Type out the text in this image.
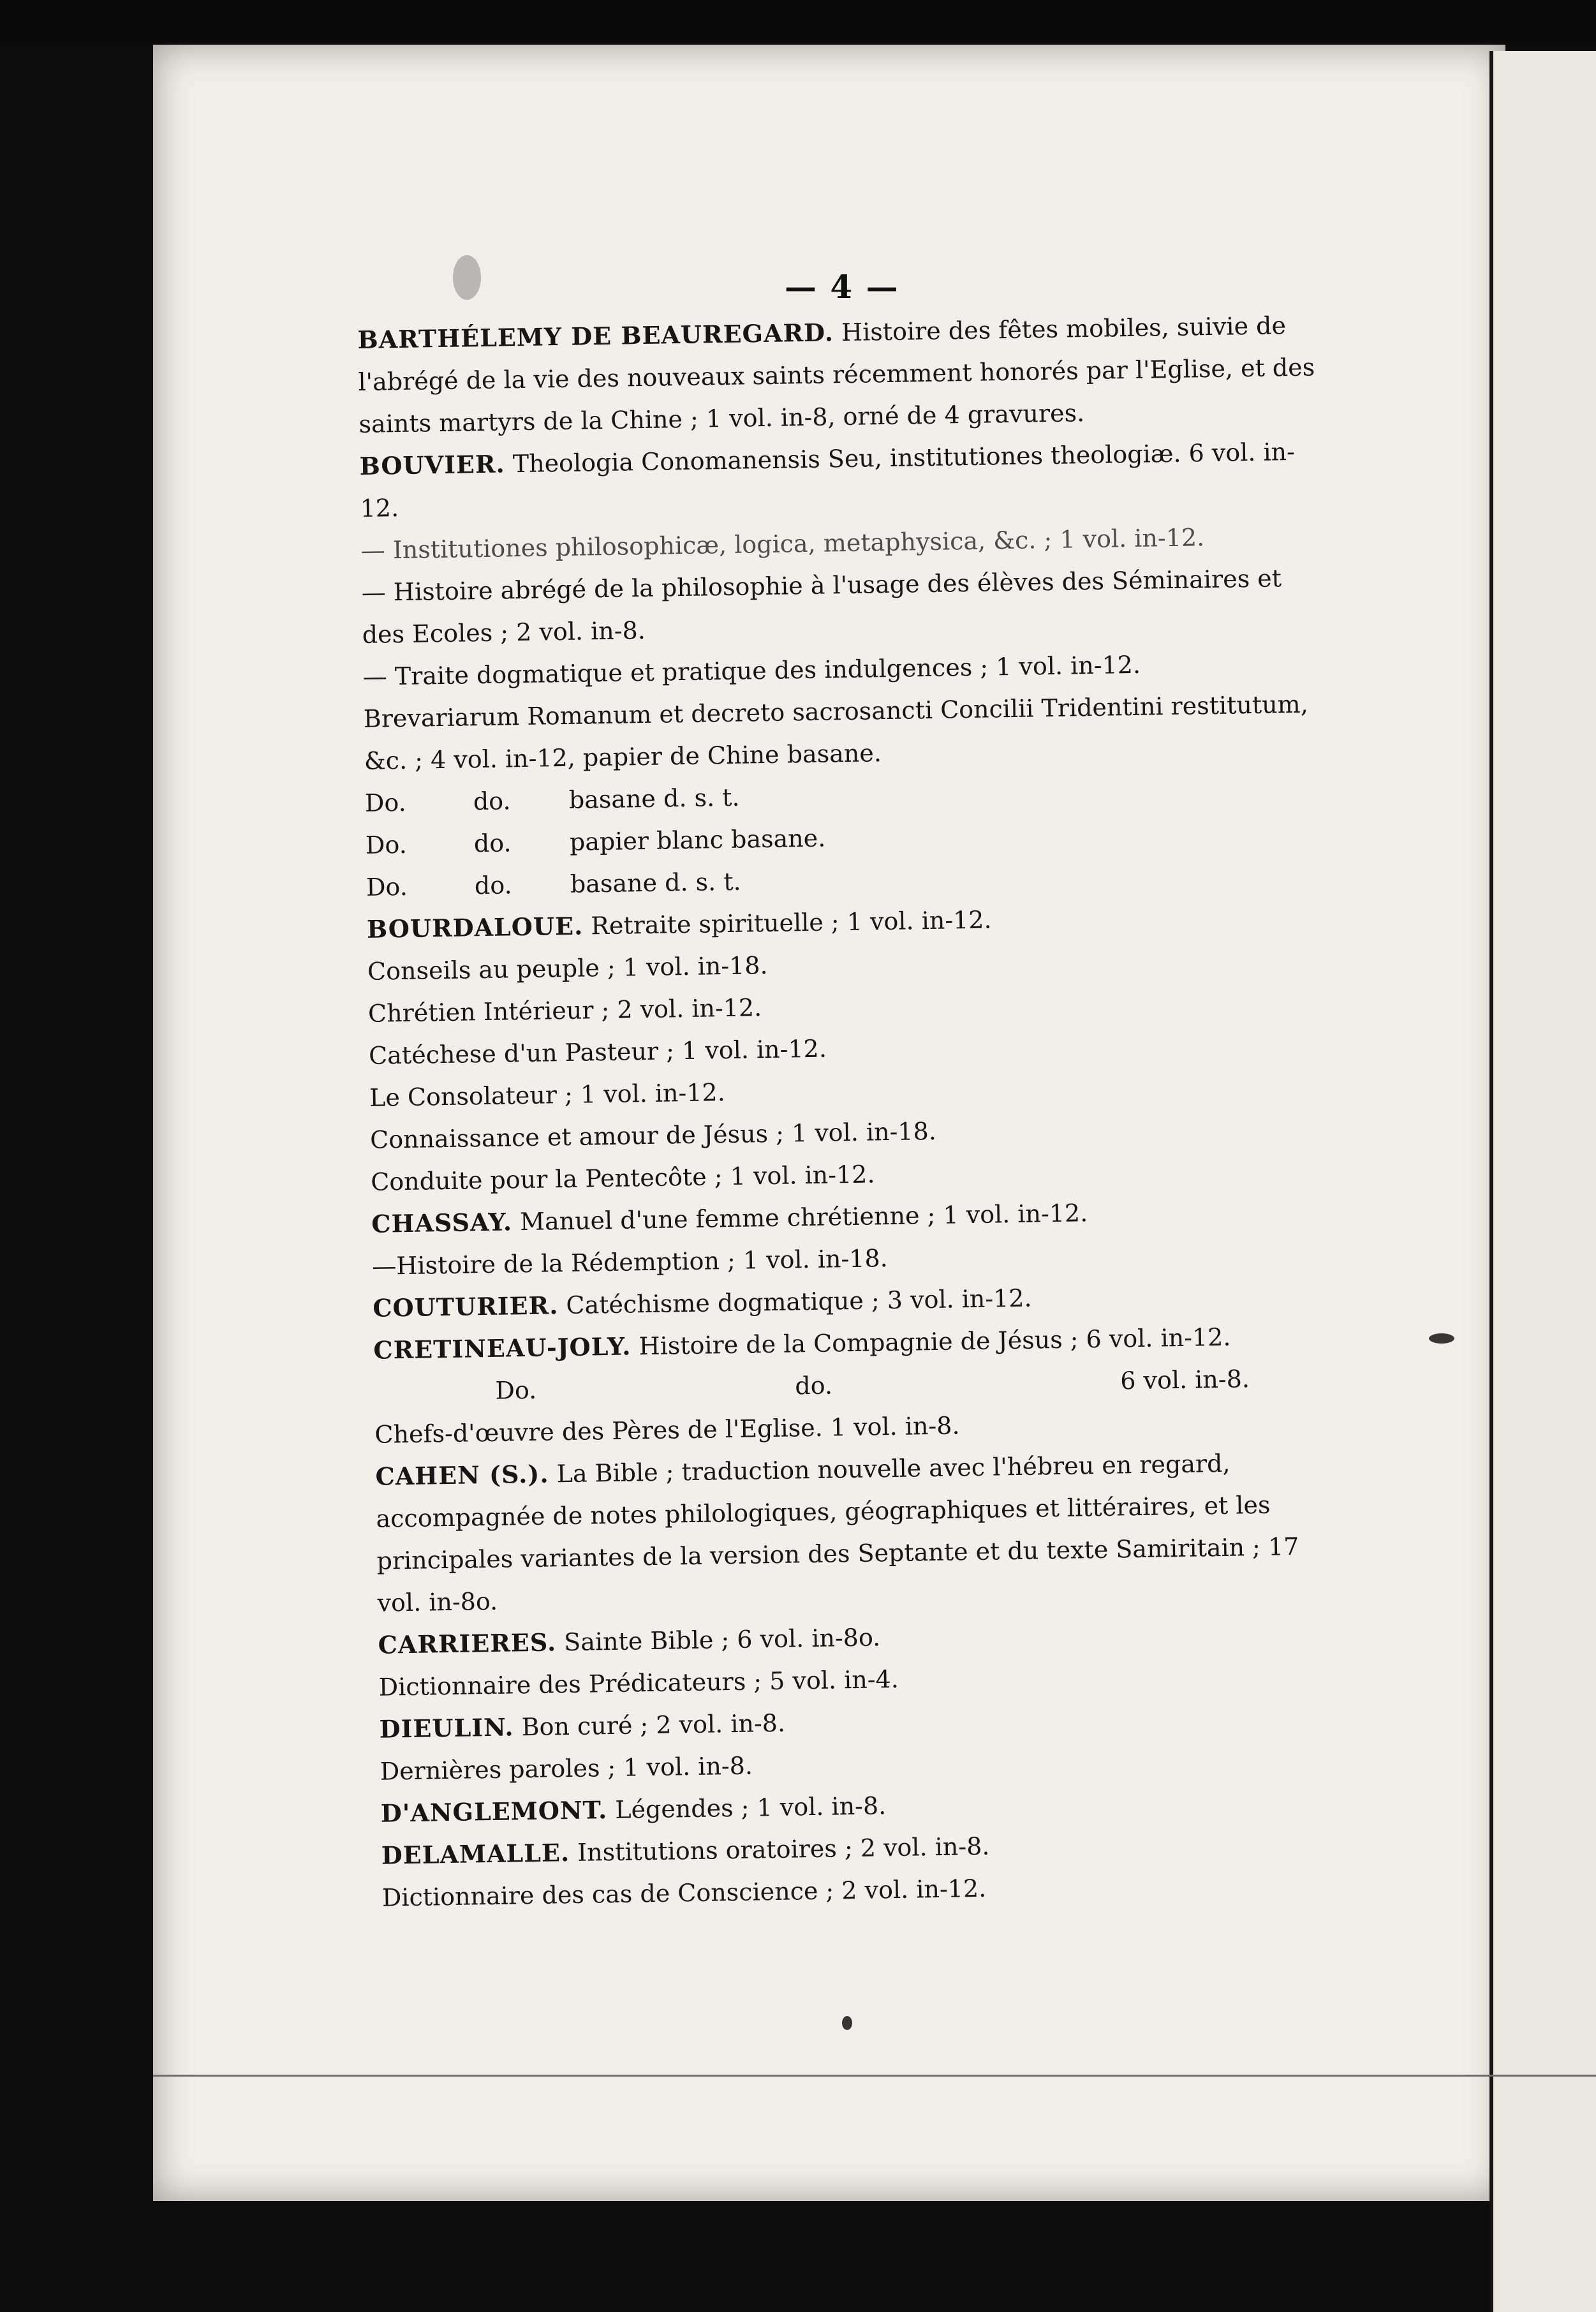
— 4 —

BARTHÉLEMY DE BEAUREGARD. Histoire des fêtes mobiles, suivie de l'abrégé de la vie des nouveaux saints récemment honorés par l'Eglise, et des saints martyrs de la Chine ; 1 vol. in-8, orné de 4 gravures.

BOUVIER. Theologia Conomanensis Seu, institutiones theologiæ. 6 vol. in-12.

— Institutiones philosophicæ, logica, metaphysica, &c. ; 1 vol. in-12.

— Histoire abrégé de la philosophie à l'usage des élèves des Séminaires et des Ecoles ; 2 vol. in-8.

— Traite dogmatique et pratique des indulgences ; 1 vol. in-12.

Brevariarum Romanum et decreto sacrosancti Concilii Tridentini restitutum, &c. ; 4 vol. in-12, papier de Chine basane.

Do.	do. basane d. s. t.

Do.	do. papier blanc basane.

Do.	do. basane d. s. t.

BOURDALOUE. Retraite spirituelle ; 1 vol. in-12.

Conseils au peuple ; 1 vol. in-18.

Chrétien Intérieur ; 2 vol. in-12.

Catéchese d'un Pasteur ; 1 vol. in-12.

Le Consolateur ; 1 vol. in-12.

Connaissance et amour de Jésus ; 1 vol. in-18.

Conduite pour la Pentecôte ; 1 vol. in-12.

CHASSAY. Manuel d'une femme chrétienne ; 1 vol. in-12.

—Histoire de la Rédemption ; 1 vol. in-18.

COUTURIER. Catéchisme dogmatique ; 3 vol. in-12.

CRETINEAU-JOLY. Histoire de la Compagnie de Jésus ; 6 vol. in-12.

Do.	do.	6 vol. in-8.

Chefs-d'œuvre des Pères de l'Eglise. 1 vol. in-8.

CAHEN (S.). La Bible ; traduction nouvelle avec l'hébreu en regard, accompagnée de notes philologiques, géographiques et littéraires, et les principales variantes de la version des Septante et du texte Samiritain ; 17 vol. in-8o.

CARRIERES. Sainte Bible ; 6 vol. in-8o.

Dictionnaire des Prédicateurs ; 5 vol. in-4.

DIEULIN. Bon curé ; 2 vol. in-8.

Dernières paroles ; 1 vol. in-8.

D'ANGLEMONT. Légendes ; 1 vol. in-8.

DELAMALLE. Institutions oratoires ; 2 vol. in-8.

Dictionnaire des cas de Conscience ; 2 vol. in-12.
